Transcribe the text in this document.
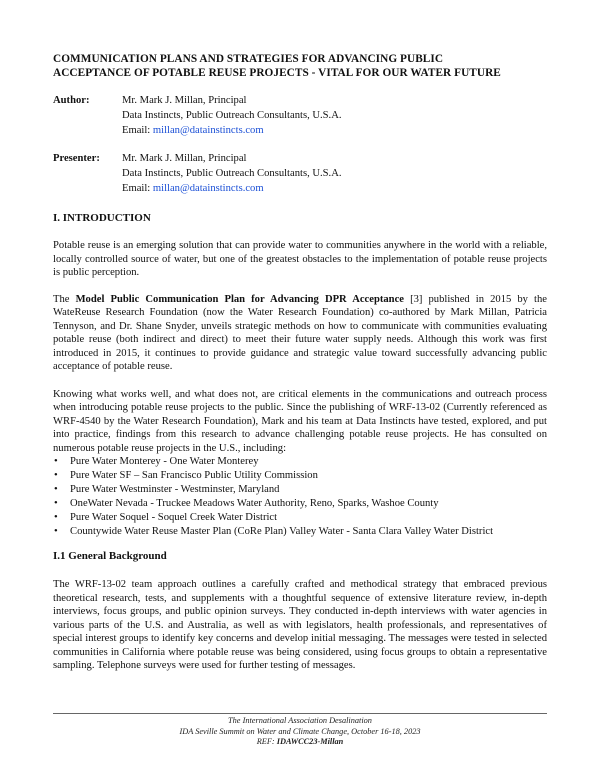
COMMUNICATION PLANS AND STRATEGIES FOR ADVANCING PUBLIC
ACCEPTANCE OF POTABLE REUSE PROJECTS - VITAL FOR OUR WATER FUTURE
Author:	Mr. Mark J. Millan, Principal
Data Instincts, Public Outreach Consultants, U.S.A.
Email: millan@datainstincts.com
Presenter: Mr. Mark J. Millan, Principal
Data Instincts, Public Outreach Consultants, U.S.A.
Email: millan@datainstincts.com
I. INTRODUCTION

Potable reuse is an emerging solution that can provide water to communities anywhere in the world with a reliable, locally controlled source of water, but one of the greatest obstacles to the implementation of potable reuse projects is public perception.

The Model Public Communication Plan for Advancing DPR Acceptance [3] published in 2015 by the WateReuse Research Foundation (now the Water Research Foundation) co-authored by Mark Millan, Patricia Tennyson, and Dr. Shane Snyder, unveils strategic methods on how to communicate with communities evaluating potable reuse (both indirect and direct) to meet their future water supply needs. Although this work was first introduced in 2015, it continues to provide guidance and strategic value toward successfully advancing public acceptance of potable reuse.

Knowing what works well, and what does not, are critical elements in the communications and outreach process when introducing potable reuse projects to the public. Since the publishing of WRF-13-02 (Currently referenced as WRF-4540 by the Water Research Foundation), Mark and his team at Data Instincts have tested, explored, and put into practice, findings from this research to advance challenging potable reuse projects. He has consulted on numerous potable reuse projects in the U.S., including:

• Pure Water Monterey - One Water Monterey
• Pure Water SF – San Francisco Public Utility Commission
• Pure Water Westminster - Westminster, Maryland
• OneWater Nevada - Truckee Meadows Water Authority, Reno, Sparks, Washoe County
• Pure Water Soquel - Soquel Creek Water District
• Countywide Water Reuse Master Plan (CoRe Plan) Valley Water - Santa Clara Valley Water District
I.1 General Background

The WRF-13-02 team approach outlines a carefully crafted and methodical strategy that embraced previous theoretical research, tests, and supplements with a thoughtful sequence of extensive literature review, in-depth interviews, focus groups, and public opinion surveys. They conducted in-depth interviews with water agencies in various parts of the U.S. and Australia, as well as with legislators, health professionals, and representatives of special interest groups to identify key concerns and develop initial messaging. The messages were tested in selected communities in California where potable reuse was being considered, using focus groups to obtain a representative sampling. Telephone surveys were used for further testing of messages.

The International Association Desalination
IDA Seville Summit on Water and Climate Change, October 16-18, 2023
REF: IDAWCC23-Millan
